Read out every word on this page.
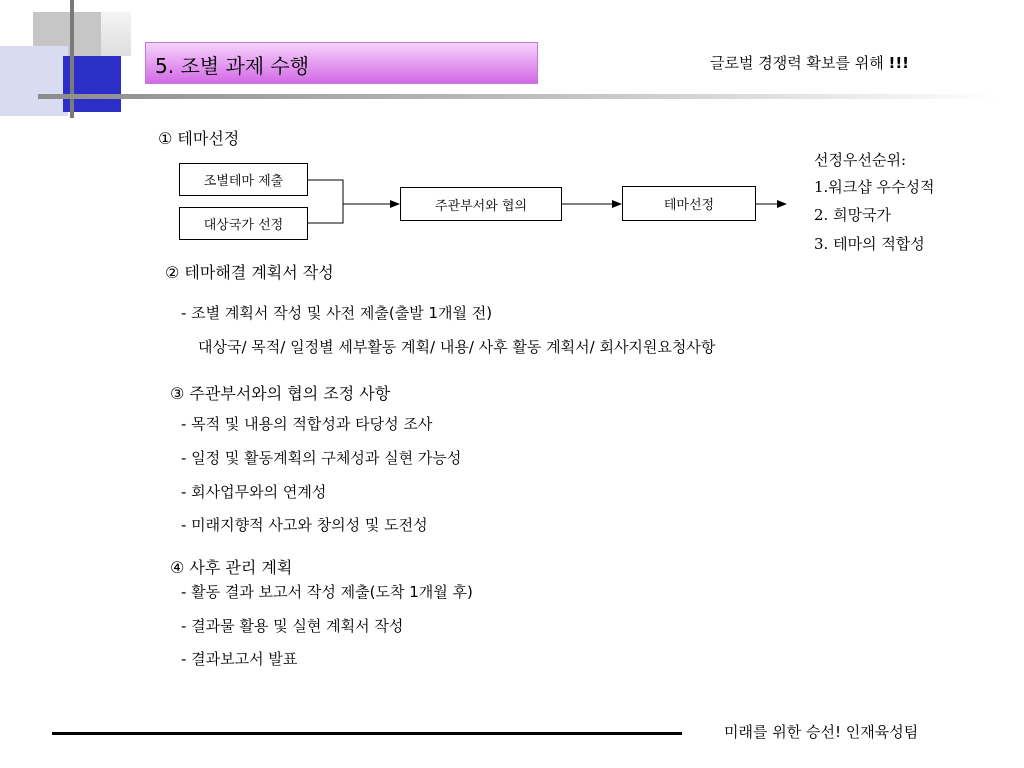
5. 조별 과제 수행	글로벌 경쟁력 확보를 위해 !!!
① 테마선정
조별테마 제출
대상국가 선정
주관부서와 협의	테마선정
선정우선순위:
1.워크샵 우수성적
2. 희망국가
3. 테마의 적합성
② 테마해결 계획서 작성
- 조별 계획서 작성 및 사전 제출(출발 1개월 전)
대상국/ 목적/ 일정별 세부활동 계획/ 내용/ 사후 활동 계획서/ 회사지원요청사항
③ 주관부서와의 협의 조정 사항
- 목적 및 내용의 적합성과 타당성 조사
- 일정 및 활동계획의 구체성과 실현 가능성
- 회사업무와의 연계성
- 미래지향적 사고와 창의성 및 도전성
④ 사후 관리 계획
- 활동 결과 보고서 작성 제출(도착 1개월 후)
- 결과물 활용 및 실현 계획서 작성
- 결과보고서 발표
미래를 위한 승선! 인재육성팀
